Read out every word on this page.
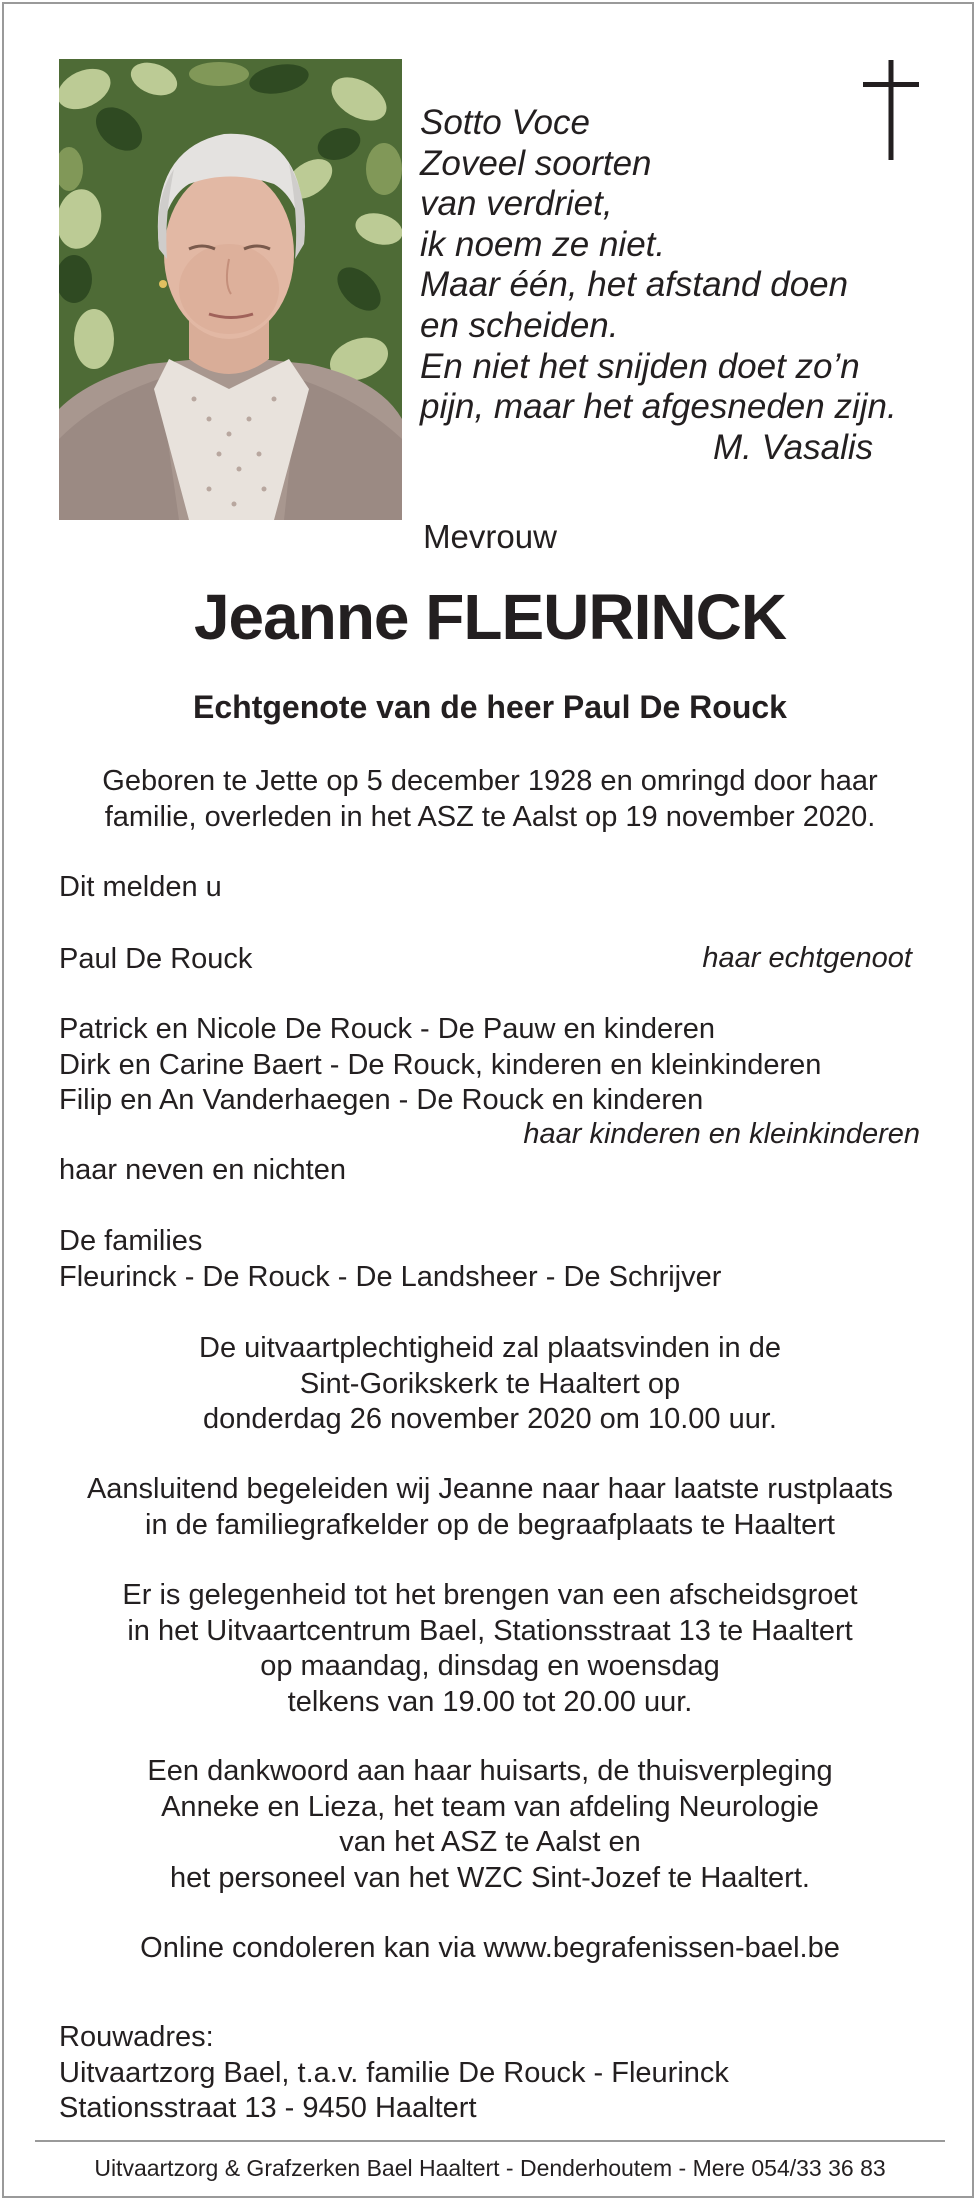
Sotto Voce
Zoveel soorten
van verdriet,
ik noem ze niet.
Maar één, het afstand doen
en scheiden.
En niet het snijden doet zo’n
pijn, maar het afgesneden zijn.
M. Vasalis
Mevrouw
Jeanne FLEURINCK
Echtgenote van de heer Paul De Rouck
Geboren te Jette op 5 december 1928 en omringd door haar
familie, overleden in het ASZ te Aalst op 19 november 2020.
Dit melden u
Paul De Rouck	haar echtgenoot
Patrick en Nicole De Rouck - De Pauw en kinderen
Dirk en Carine Baert - De Rouck, kinderen en kleinkinderen
Filip en An Vanderhaegen - De Rouck en kinderen
haar kinderen en kleinkinderen
haar neven en nichten
De families
Fleurinck - De Rouck - De Landsheer - De Schrijver
De uitvaartplechtigheid zal plaatsvinden in de
Sint-Gorikskerk te Haaltert op
donderdag 26 november 2020 om 10.00 uur.
Aansluitend begeleiden wij Jeanne naar haar laatste rustplaats
in de familiegrafkelder op de begraafplaats te Haaltert
Er is gelegenheid tot het brengen van een afscheidsgroet
in het Uitvaartcentrum Bael, Stationsstraat 13 te Haaltert
op maandag, dinsdag en woensdag
telkens van 19.00 tot 20.00 uur.
Een dankwoord aan haar huisarts, de thuisverpleging
Anneke en Lieza, het team van afdeling Neurologie
van het ASZ te Aalst en
het personeel van het WZC Sint-Jozef te Haaltert.
Online condoleren kan via www.begrafenissen-bael.be
Rouwadres:
Uitvaartzorg Bael, t.a.v. familie De Rouck - Fleurinck
Stationsstraat 13 - 9450 Haaltert
Uitvaartzorg & Grafzerken Bael Haaltert - Denderhoutem - Mere 054/33 36 83
